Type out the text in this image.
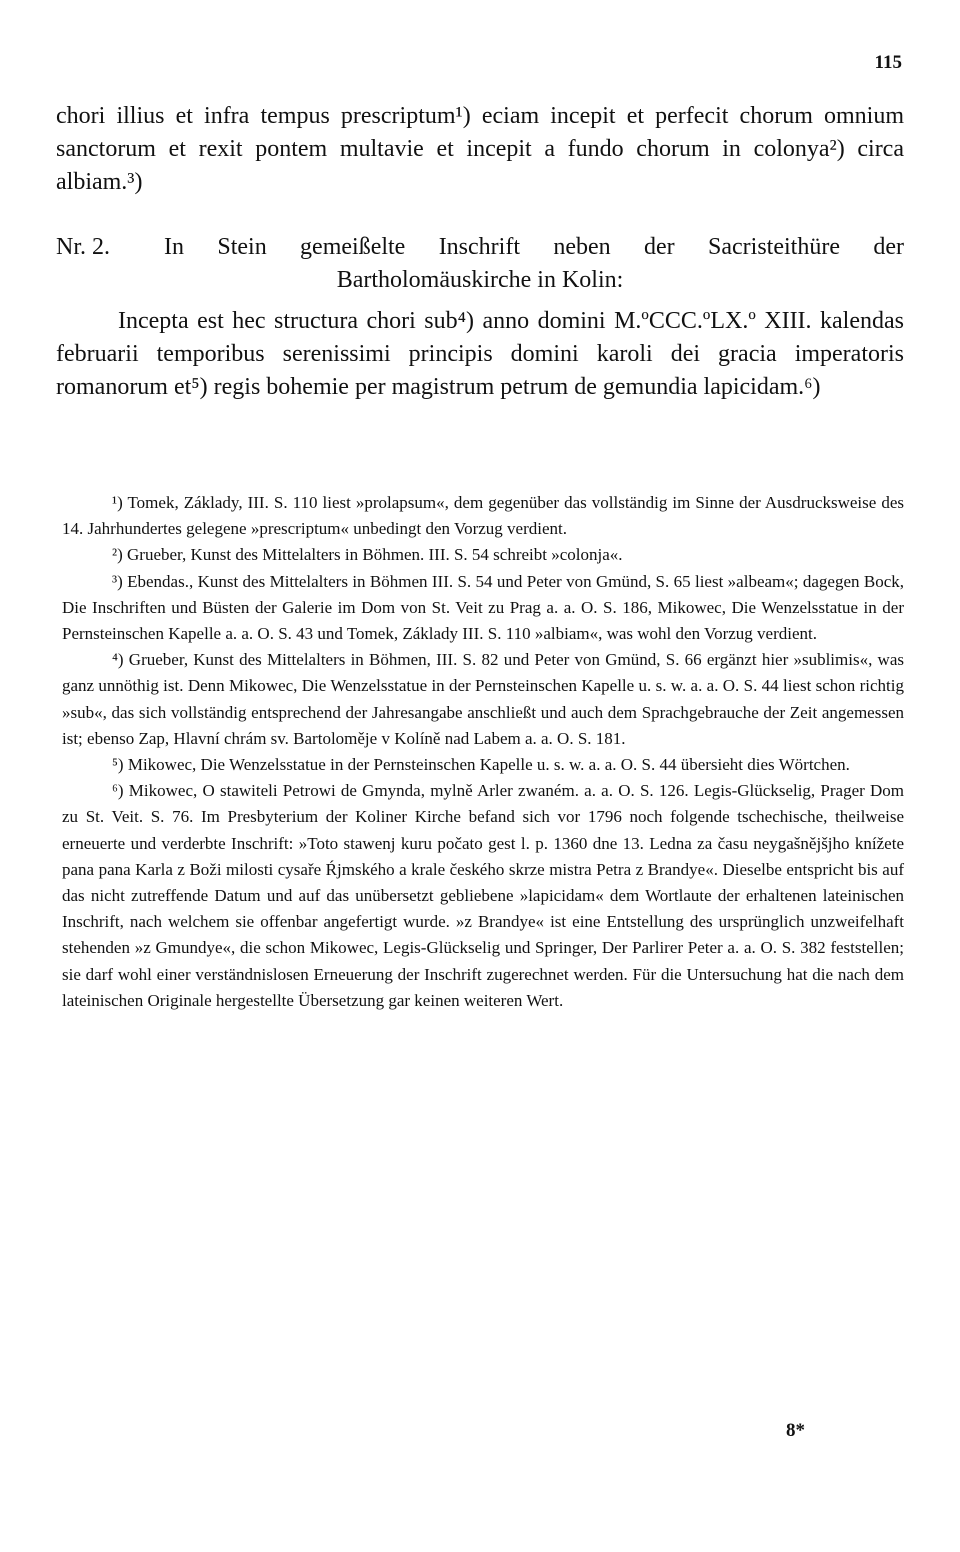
115

chori illius et infra tempus prescriptum¹) eciam incepit et perfecit chorum omnium sanctorum et rexit pontem multavie et incepit a fundo chorum in colonya²) circa albiam.³)

Nr. 2.	In Stein gemeißelte Inschrift neben der Sacristeithüre der
Bartholomäuskirche in Kolin:

Incepta est hec structura chori sub⁴) anno domini M.ºCCC.ºLX.º XIII. kalendas februarii temporibus serenissimi principis domini karoli dei gracia imperatoris romanorum et⁵) regis bohemie per magistrum petrum de gemundia lapicidam.⁶)

¹) Tomek, Základy, III. S. 110 liest »prolapsum«, dem gegenüber das vollständig im Sinne der Ausdrucksweise des 14. Jahrhundertes gelegene »prescriptum« unbedingt den Vorzug verdient.

²) Grueber, Kunst des Mittelalters in Böhmen. III. S. 54 schreibt »colonja«.

³) Ebendas., Kunst des Mittelalters in Böhmen III. S. 54 und Peter von Gmünd, S. 65 liest »albeam«; dagegen Bock, Die Inschriften und Büsten der Galerie im Dom von St. Veit zu Prag a. a. O. S. 186, Mikowec, Die Wenzelsstatue in der Pernsteinschen Kapelle a. a. O. S. 43 und Tomek, Základy III. S. 110 »albiam«, was wohl den Vorzug verdient.

⁴) Grueber, Kunst des Mittelalters in Böhmen, III. S. 82 und Peter von Gmünd, S. 66 ergänzt hier »sublimis«, was ganz unnöthig ist. Denn Mikowec, Die Wenzelsstatue in der Pernsteinschen Kapelle u. s. w. a. a. O. S. 44 liest schon richtig »sub«, das sich vollständig entsprechend der Jahresangabe anschließt und auch dem Sprachgebrauche der Zeit angemessen ist; ebenso Zap, Hlavní chrám sv. Bartoloměje v Kolíně nad Labem a. a. O. S. 181.

⁵) Mikowec, Die Wenzelsstatue in der Pernsteinschen Kapelle u. s. w. a. a. O. S. 44 übersieht dies Wörtchen.

⁶) Mikowec, O stawiteli Petrowi de Gmynda, mylně Arler zwaném. a. a. O. S. 126. Legis-Glückselig, Prager Dom zu St. Veit. S. 76. Im Presbyterium der Koliner Kirche befand sich vor 1796 noch folgende tschechische, theilweise erneuerte und verderbte Inschrift: »Toto stawenj kuru počato gest l. p. 1360 dne 13. Ledna za času neygašnějšjho knížete pana pana Karla z Boži milosti cysaře Ŕjmského a krale českého skrze mistra Petra z Brandye«. Dieselbe entspricht bis auf das nicht zutreffende Datum und auf das unübersetzt gebliebene »lapicidam« dem Wortlaute der erhaltenen lateinischen Inschrift, nach welchem sie offenbar angefertigt wurde. »z Brandye« ist eine Entstellung des ursprünglich unzweifelhaft stehenden »z Gmundye«, die schon Mikowec, Legis-Glückselig und Springer, Der Parlirer Peter a. a. O. S. 382 feststellen; sie darf wohl einer verständnislosen Erneuerung der Inschrift zugerechnet werden. Für die Untersuchung hat die nach dem lateinischen Originale hergestellte Übersetzung gar keinen weiteren Wert.

8*
